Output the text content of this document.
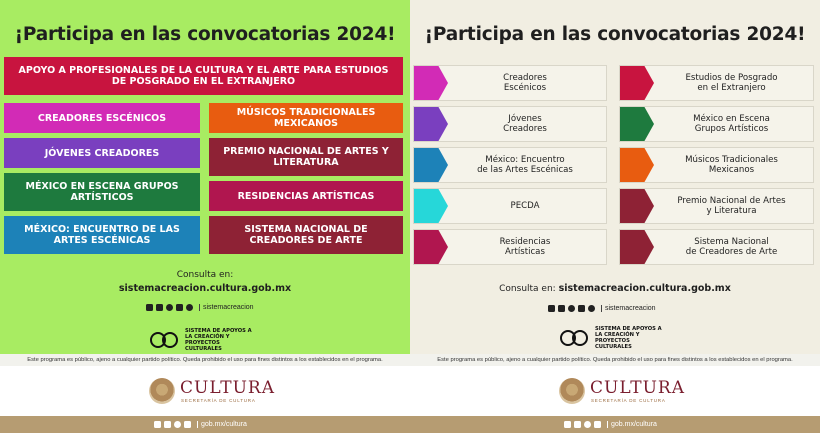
¡Participa en las convocatorias 2024!
APOYO A PROFESIONALES DE LA CULTURA Y EL ARTE PARA ESTUDIOS DE POSGRADO EN EL EXTRANJERO
CREADORES ESCÉNICOS
JÓVENES CREADORES
MÉXICO EN ESCENA GRUPOS ARTÍSTICOS
MÉXICO: ENCUENTRO DE LAS ARTES ESCÉNICAS
MÚSICOS TRADICIONALES MEXICANOS
PREMIO NACIONAL DE ARTES Y LITERATURA
RESIDENCIAS ARTÍSTICAS
SISTEMA NACIONAL DE CREADORES DE ARTE
Consulta en:
sistemacreacion.cultura.gob.mx
sistemacreacion
SISTEMA DE APOYOS A LA CREACIÓN Y PROYECTOS CULTURALES
¡Participa en las convocatorias 2024!
Creadores
Escénicos
Jóvenes
Creadores
México: Encuentro
de las Artes Escénicas
PECDA
Residencias
Artísticas
Estudios de Posgrado
en el Extranjero
México en Escena
Grupos Artísticos
Músicos Tradicionales
Mexicanos
Premio Nacional de Artes
y Literatura
Sistema Nacional
de Creadores de Arte
Consulta en: sistemacreacion.cultura.gob.mx
sistemacreacion
SISTEMA DE APOYOS A LA CREACIÓN Y PROYECTOS CULTURALES
Este programa es público, ajeno a cualquier partido político. Queda prohibido el uso para fines distintos a los establecidos en el programa.	Este programa es público, ajeno a cualquier partido político. Queda prohibido el uso para fines distintos a los establecidos en el programa.
CULTURA
SECRETARÍA DE CULTURA
gob.mx/cultura
CULTURA
SECRETARÍA DE CULTURA
gob.mx/cultura
